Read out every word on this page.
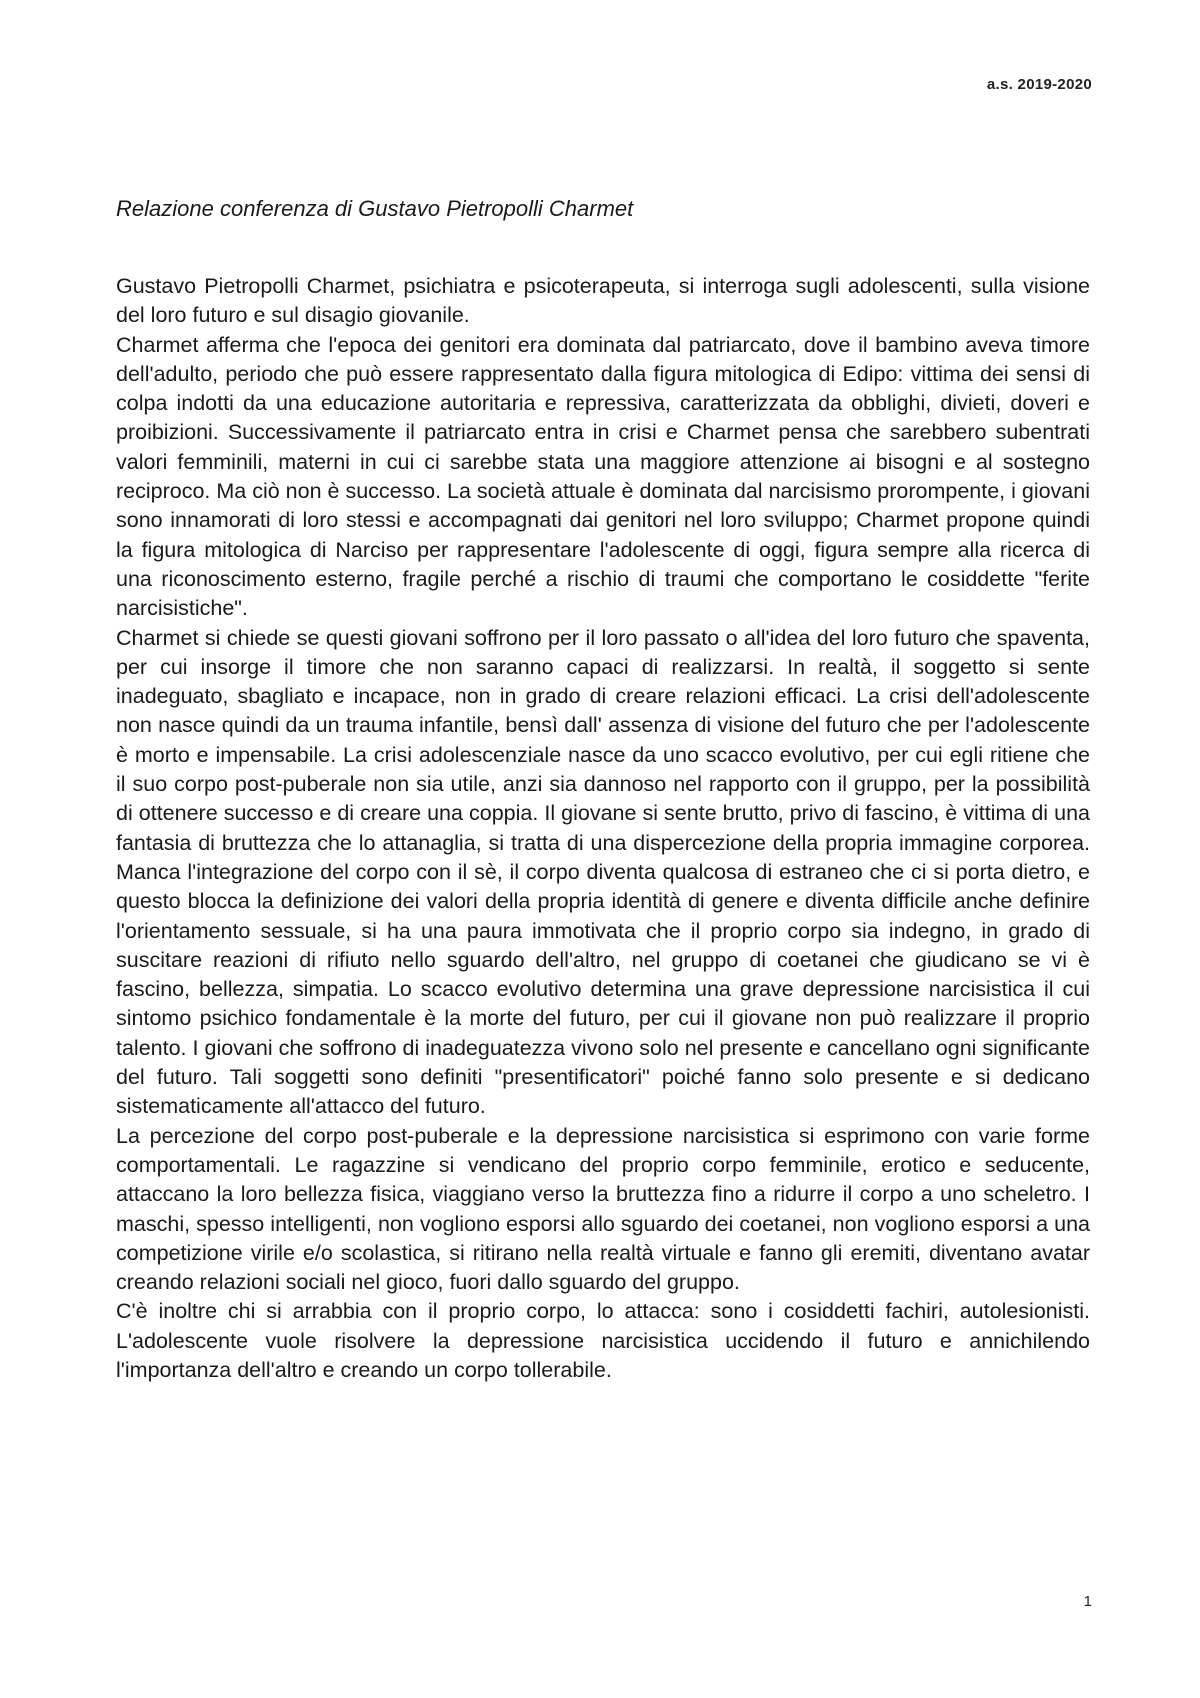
a.s. 2019-2020
Relazione conferenza di Gustavo Pietropolli Charmet

Gustavo Pietropolli Charmet, psichiatra e psicoterapeuta, si interroga sugli adolescenti, sulla visione del loro futuro e sul disagio giovanile.

Charmet afferma che l'epoca dei genitori era dominata dal patriarcato, dove il bambino aveva timore dell'adulto, periodo che può essere rappresentato dalla figura mitologica di Edipo: vittima dei sensi di colpa indotti da una educazione autoritaria e repressiva, caratterizzata da obblighi, divieti, doveri e proibizioni. Successivamente il patriarcato entra in crisi e Charmet pensa che sarebbero subentrati valori femminili, materni in cui ci sarebbe stata una maggiore attenzione ai bisogni e al sostegno reciproco. Ma ciò non è successo. La società attuale è dominata dal narcisismo prorompente, i giovani sono innamorati di loro stessi e accompagnati dai genitori nel loro sviluppo; Charmet propone quindi la figura mitologica di Narciso per rappresentare l'adolescente di oggi, figura sempre alla ricerca di una riconoscimento esterno, fragile perché a rischio di traumi che comportano le cosiddette "ferite narcisistiche".

Charmet si chiede se questi giovani soffrono per il loro passato o all'idea del loro futuro che spaventa, per cui insorge il timore che non saranno capaci di realizzarsi. In realtà, il soggetto si sente inadeguato, sbagliato e incapace, non in grado di creare relazioni efficaci. La crisi dell'adolescente non nasce quindi da un trauma infantile, bensì dall' assenza di visione del futuro che per l'adolescente è morto e impensabile. La crisi adolescenziale nasce da uno scacco evolutivo, per cui egli ritiene che il suo corpo post-puberale non sia utile, anzi sia dannoso nel rapporto con il gruppo, per la possibilità di ottenere successo e di creare una coppia. Il giovane si sente brutto, privo di fascino, è vittima di una fantasia di bruttezza che lo attanaglia, si tratta di una dispercezione della propria immagine corporea. Manca l'integrazione del corpo con il sè, il corpo diventa qualcosa di estraneo che ci si porta dietro, e questo blocca la definizione dei valori della propria identità di genere e diventa difficile anche definire l'orientamento sessuale, si ha una paura immotivata che il proprio corpo sia indegno, in grado di suscitare reazioni di rifiuto nello sguardo dell'altro, nel gruppo di coetanei che giudicano se vi è fascino, bellezza, simpatia. Lo scacco evolutivo determina una grave depressione narcisistica il cui sintomo psichico fondamentale è la morte del futuro, per cui il giovane non può realizzare il proprio talento. I giovani che soffrono di inadeguatezza vivono solo nel presente e cancellano ogni significante del futuro. Tali soggetti sono definiti "presentificatori" poiché fanno solo presente e si dedicano sistematicamente all'attacco del futuro.

La percezione del corpo post-puberale e la depressione narcisistica si esprimono con varie forme comportamentali. Le ragazzine si vendicano del proprio corpo femminile, erotico e seducente, attaccano la loro bellezza fisica, viaggiano verso la bruttezza fino a ridurre il corpo a uno scheletro. I maschi, spesso intelligenti, non vogliono esporsi allo sguardo dei coetanei, non vogliono esporsi a una competizione virile e/o scolastica, si ritirano nella realtà virtuale e fanno gli eremiti, diventano avatar creando relazioni sociali nel gioco, fuori dallo sguardo del gruppo.

C'è inoltre chi si arrabbia con il proprio corpo, lo attacca: sono i cosiddetti fachiri, autolesionisti. L'adolescente vuole risolvere la depressione narcisistica uccidendo il futuro e annichilendo l'importanza dell'altro e creando un corpo tollerabile.

1
